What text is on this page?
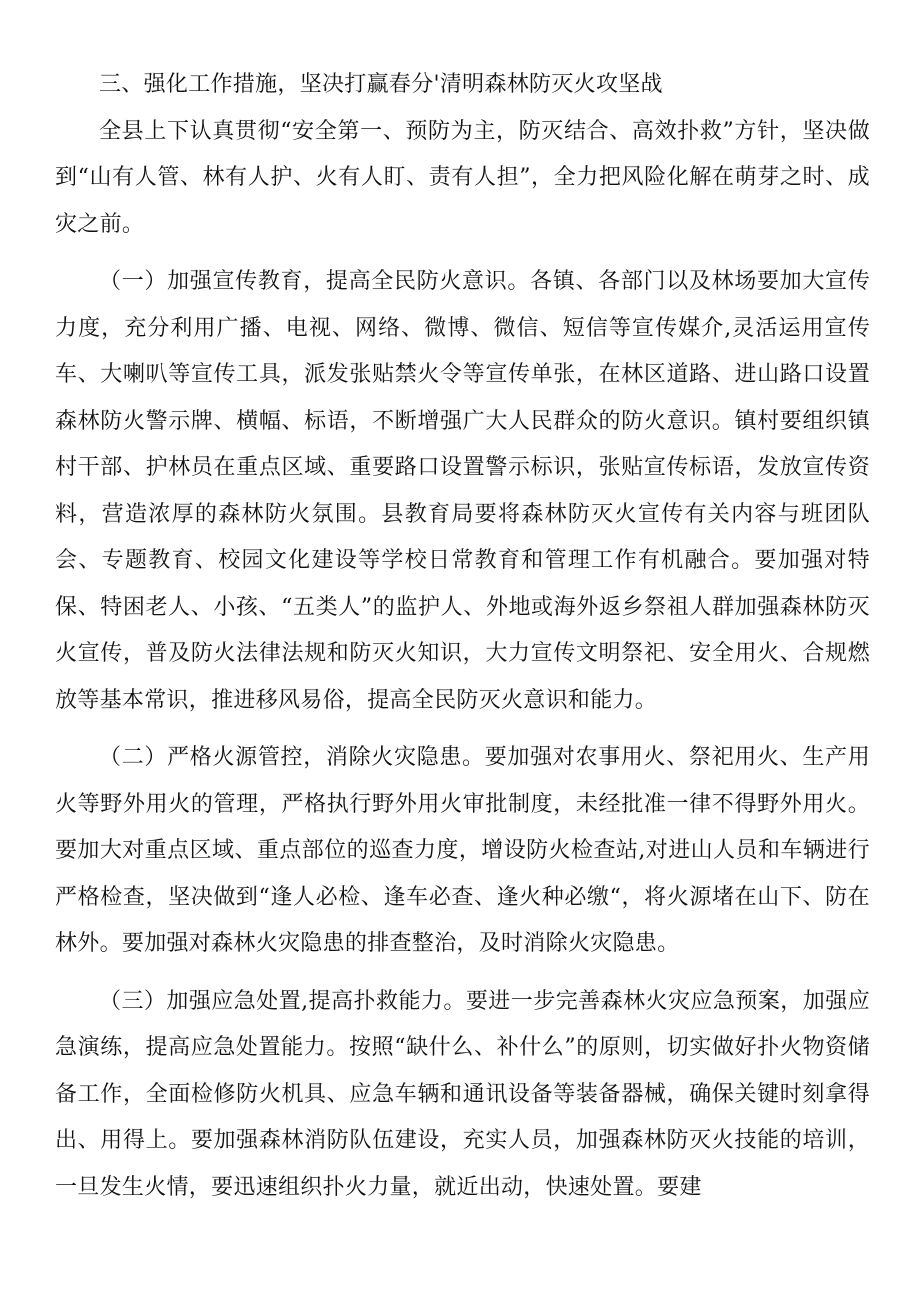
三、强化工作措施，坚决打赢春分'清明森林防灭火攻坚战

全县上下认真贯彻“安全第一、预防为主，防灭结合、高效扑救”方针，坚决做到“山有人管、林有人护、火有人盯、责有人担”，全力把风险化解在萌芽之时、成灾之前。

（一）加强宣传教育，提高全民防火意识。各镇、各部门以及林场要加大宣传力度，充分利用广播、电视、网络、微博、微信、短信等宣传媒介,灵活运用宣传车、大喇叭等宣传工具，派发张贴禁火令等宣传单张，在林区道路、进山路口设置森林防火警示牌、横幅、标语，不断增强广大人民群众的防火意识。镇村要组织镇村干部、护林员在重点区域、重要路口设置警示标识，张贴宣传标语，发放宣传资料，营造浓厚的森林防火氛围。县教育局要将森林防灭火宣传有关内容与班团队会、专题教育、校园文化建设等学校日常教育和管理工作有机融合。要加强对特保、特困老人、小孩、“五类人”的监护人、外地或海外返乡祭祖人群加强森林防灭火宣传，普及防火法律法规和防灭火知识，大力宣传文明祭祀、安全用火、合规燃放等基本常识，推进移风易俗，提高全民防灭火意识和能力。

（二）严格火源管控，消除火灾隐患。要加强对农事用火、祭祀用火、生产用火等野外用火的管理，严格执行野外用火审批制度，未经批准一律不得野外用火。要加大对重点区域、重点部位的巡查力度，增设防火检查站,对进山人员和车辆进行严格检查，坚决做到“逢人必检、逢车必查、逢火种必缴“，将火源堵在山下、防在林外。要加强对森林火灾隐患的排查整治，及时消除火灾隐患。

（三）加强应急处置,提高扑救能力。要进一步完善森林火灾应急预案，加强应急演练，提高应急处置能力。按照“缺什么、补什么”的原则，切实做好扑火物资储备工作，全面检修防火机具、应急车辆和通讯设备等装备器械，确保关键时刻拿得出、用得上。要加强森林消防队伍建设，充实人员，加强森林防灭火技能的培训，一旦发生火情，要迅速组织扑火力量，就近出动，快速处置。要建
